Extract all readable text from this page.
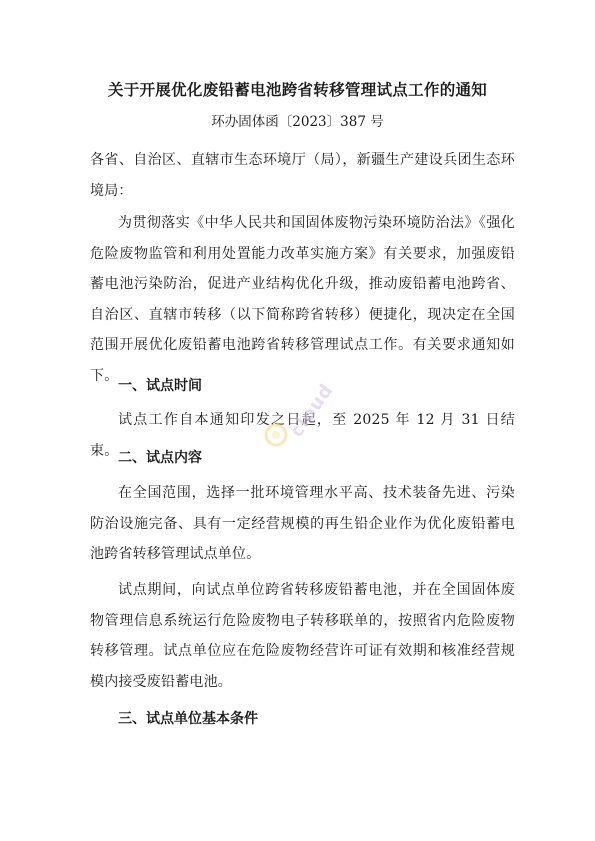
关于开展优化废铅蓄电池跨省转移管理试点工作的通知
环办固体函〔2023〕387 号

各省、自治区、直辖市生态环境厅（局），新疆生产建设兵团生态环境局：

为贯彻落实《中华人民共和国固体废物污染环境防治法》《强化危险废物监管和利用处置能力改革实施方案》有关要求，加强废铅蓄电池污染防治，促进产业结构优化升级，推动废铅蓄电池跨省、自治区、直辖市转移（以下简称跨省转移）便捷化，现决定在全国范围开展优化废铅蓄电池跨省转移管理试点工作。有关要求通知如下。

一、试点时间

试点工作自本通知印发之日起，至 2025 年 12 月 31 日结束。 二、试点内容

在全国范围，选择一批环境管理水平高、技术装备先进、污染防治设施完备、具有一定经营规模的再生铅企业作为优化废铅蓄电池跨省转移管理试点单位。

试点期间，向试点单位跨省转移废铅蓄电池，并在全国固体废物管理信息系统运行危险废物电子转移联单的，按照省内危险废物转移管理。试点单位应在危险废物经营许可证有效期和核准经营规模内接受废铅蓄电池。

三、试点单位基本条件
cloud
